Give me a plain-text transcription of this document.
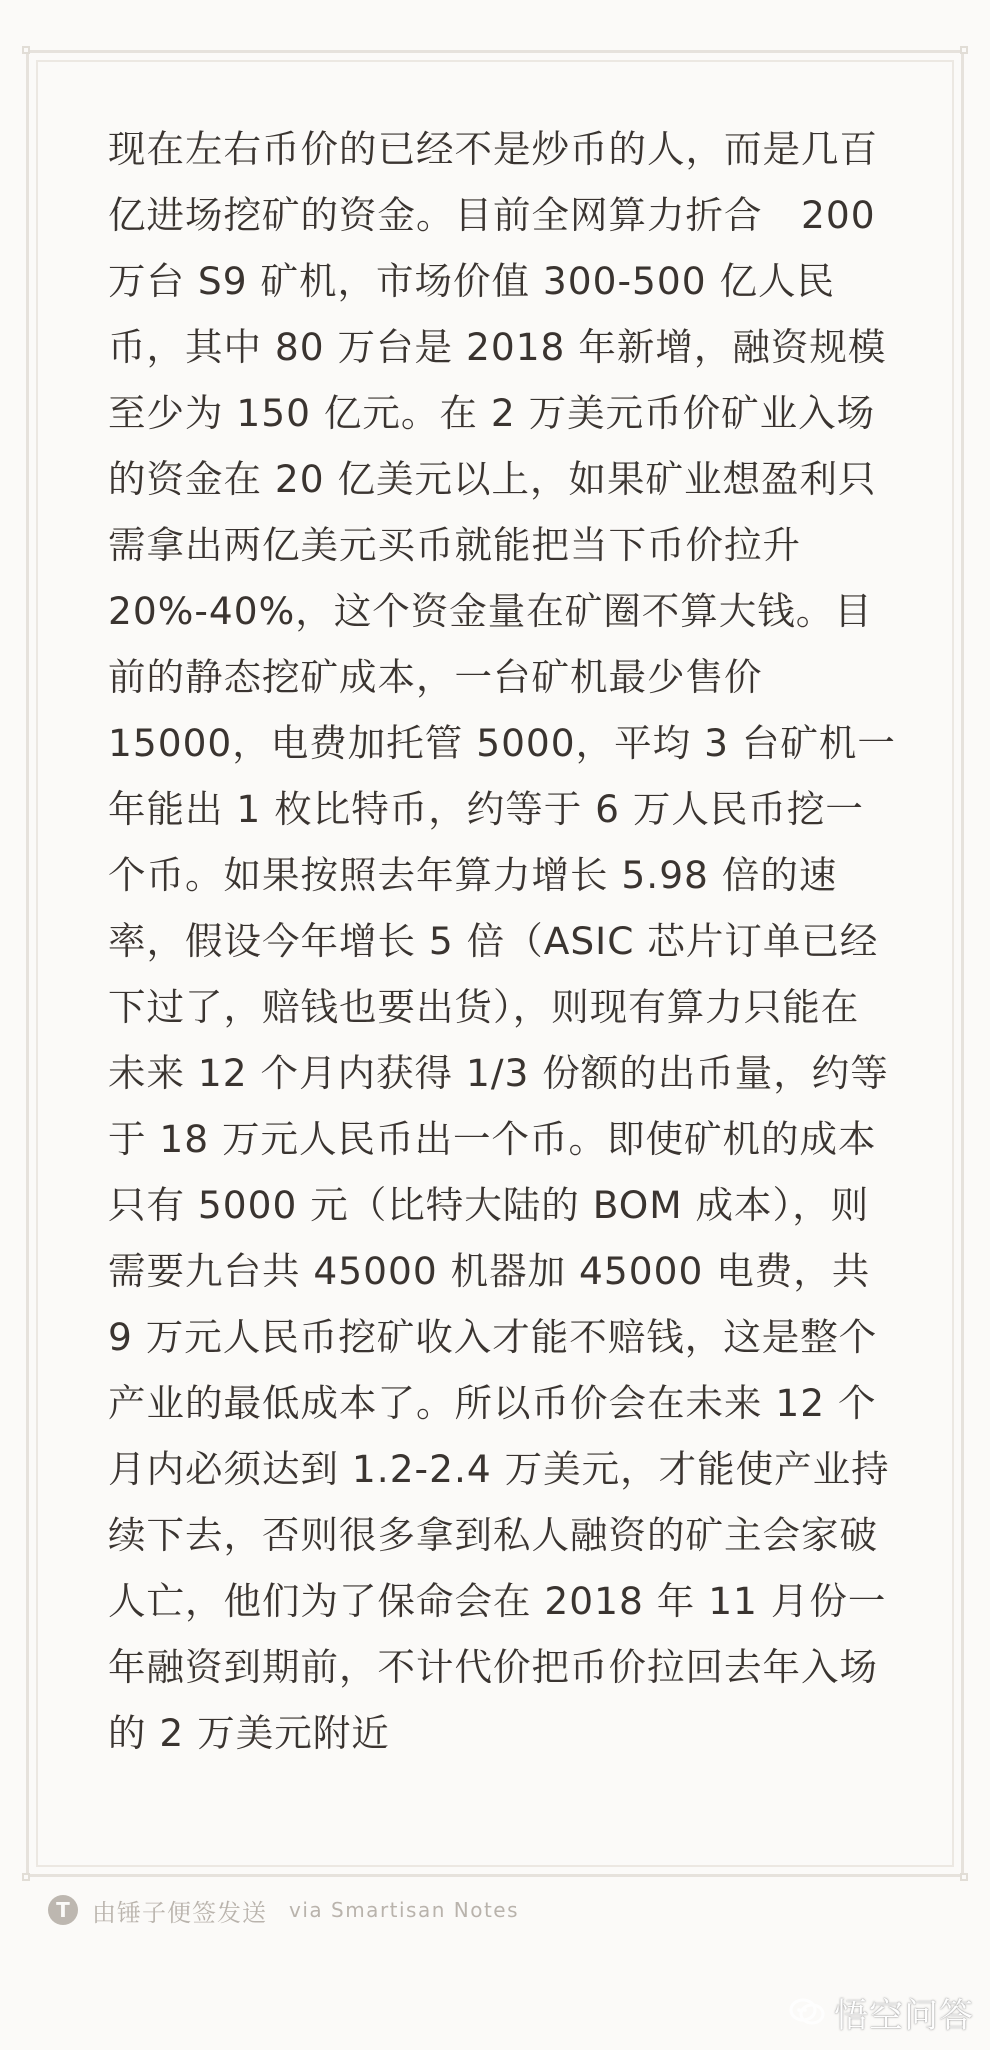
现在左右币价的已经不是炒币的人，而是几百
亿进场挖矿的资金。目前全网算力折合　200
万台 S9 矿机，市场价值 300-500 亿人民
币，其中 80 万台是 2018 年新增，融资规模
至少为 150 亿元。在 2 万美元币价矿业入场
的资金在 20 亿美元以上，如果矿业想盈利只
需拿出两亿美元买币就能把当下币价拉升
20%-40%，这个资金量在矿圈不算大钱。目
前的静态挖矿成本，一台矿机最少售价
15000，电费加托管 5000，平均 3 台矿机一
年能出 1 枚比特币，约等于 6 万人民币挖一
个币。如果按照去年算力增长 5.98 倍的速
率，假设今年增长 5 倍（ASIC 芯片订单已经
下过了，赔钱也要出货），则现有算力只能在
未来 12 个月内获得 1/3 份额的出币量，约等
于 18 万元人民币出一个币。即使矿机的成本
只有 5000 元（比特大陆的 BOM 成本），则
需要九台共 45000 机器加 45000 电费，共
9 万元人民币挖矿收入才能不赔钱，这是整个
产业的最低成本了。所以币价会在未来 12 个
月内必须达到 1.2-2.4 万美元，才能使产业持
续下去，否则很多拿到私人融资的矿主会家破
人亡，他们为了保命会在 2018 年 11 月份一
年融资到期前，不计代价把币价拉回去年入场
的 2 万美元附近
T 由锤子便签发送 via Smartisan Notes
悟空问答
